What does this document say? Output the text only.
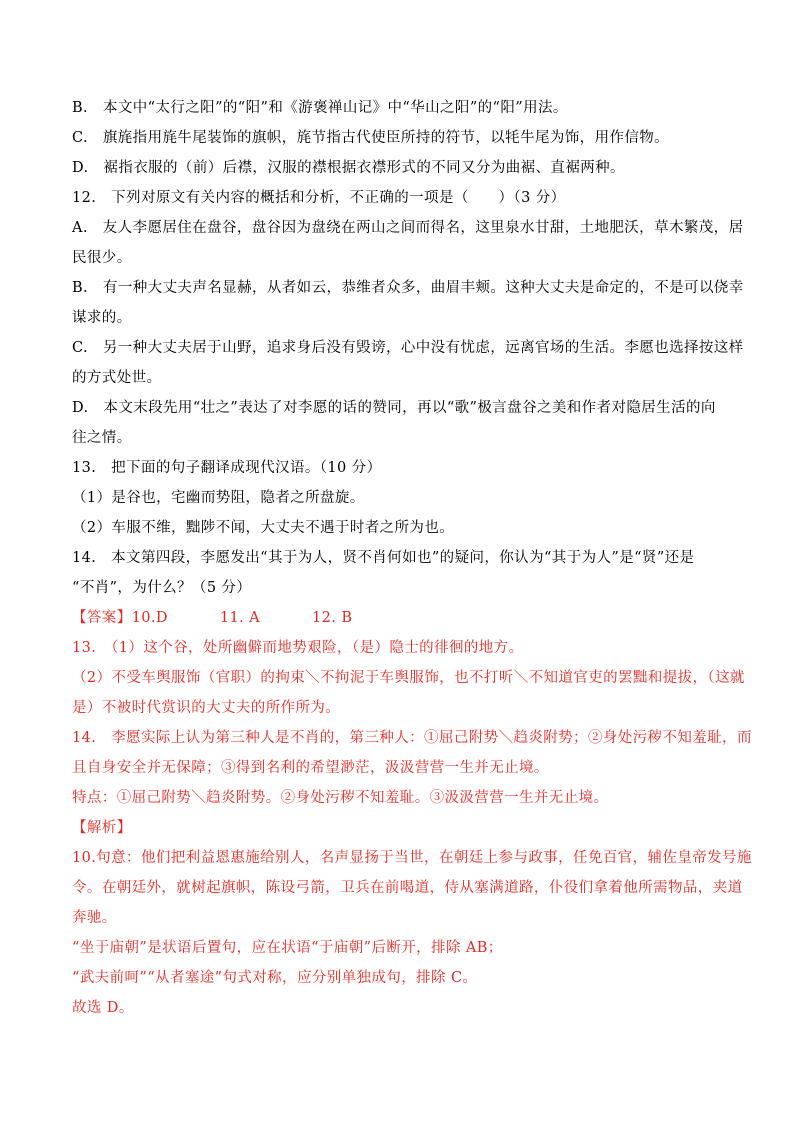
B.　本文中“太行之阳”的“阳”和《游褒禅山记》中“华山之阳”的“阳”用法。
C.　旗旄指用旄牛尾装饰的旗帜，旄节指古代使臣所持的符节，以牦牛尾为饰，用作信物。
D.　裾指衣服的（前）后襟，汉服的襟根据衣襟形式的不同又分为曲裾、直裾两种。
12.　下列对原文有关内容的概括和分析，不正确的一项是（　　）（3 分）
A.　友人李愿居住在盘谷，盘谷因为盘绕在两山之间而得名，这里泉水甘甜，土地肥沃，草木繁茂，居
民很少。
B.　有一种大丈夫声名显赫，从者如云，恭维者众多，曲眉丰颊。这种大丈夫是命定的，不是可以侥幸
谋求的。
C.　另一种大丈夫居于山野，追求身后没有毁谤，心中没有忧虑，远离官场的生活。李愿也选择按这样
的方式处世。
D.　本文末段先用“壮之”表达了对李愿的话的赞同，再以“歌”极言盘谷之美和作者对隐居生活的向
往之情。
13.　把下面的句子翻译成现代汉语。（10 分）
（1）是谷也，宅幽而势阻，隐者之所盘旋。
（2）车服不维，黜陟不闻，大丈夫不遇于时者之所为也。
14.　本文第四段，李愿发出“其于为人，贤不肖何如也”的疑问，你认为“其于为人”是“贤”还是
“不肖”，为什么？（5 分）
【答案】10.D	11. A	12. B
13.　（1）这个谷，处所幽僻而地势艰险，（是）隐士的徘徊的地方。
（2）不受车舆服饰（官职）的拘束＼不拘泥于车舆服饰，也不打听＼不知道官吏的罢黜和提拔，（这就
是）不被时代赏识的大丈夫的所作所为。
14.　李愿实际上认为第三种人是不肖的，第三种人：①屈己附势＼趋炎附势；②身处污秽不知羞耻，而
且自身安全并无保障；③得到名利的希望渺茫，汲汲营营一生并无止境。
特点：①屈己附势＼趋炎附势。②身处污秽不知羞耻。③汲汲营营一生并无止境。
【解析】
10.句意：他们把利益恩惠施给别人，名声显扬于当世，在朝廷上参与政事，任免百官，辅佐皇帝发号施
令。在朝廷外，就树起旗帜，陈设弓箭，卫兵在前喝道，侍从塞满道路，仆役们拿着他所需物品，夹道
奔驰。
“坐于庙朝”是状语后置句，应在状语“于庙朝”后断开，排除 AB；
“武夫前呵”“从者塞途”句式对称，应分别单独成句，排除 C。
故选 D。
